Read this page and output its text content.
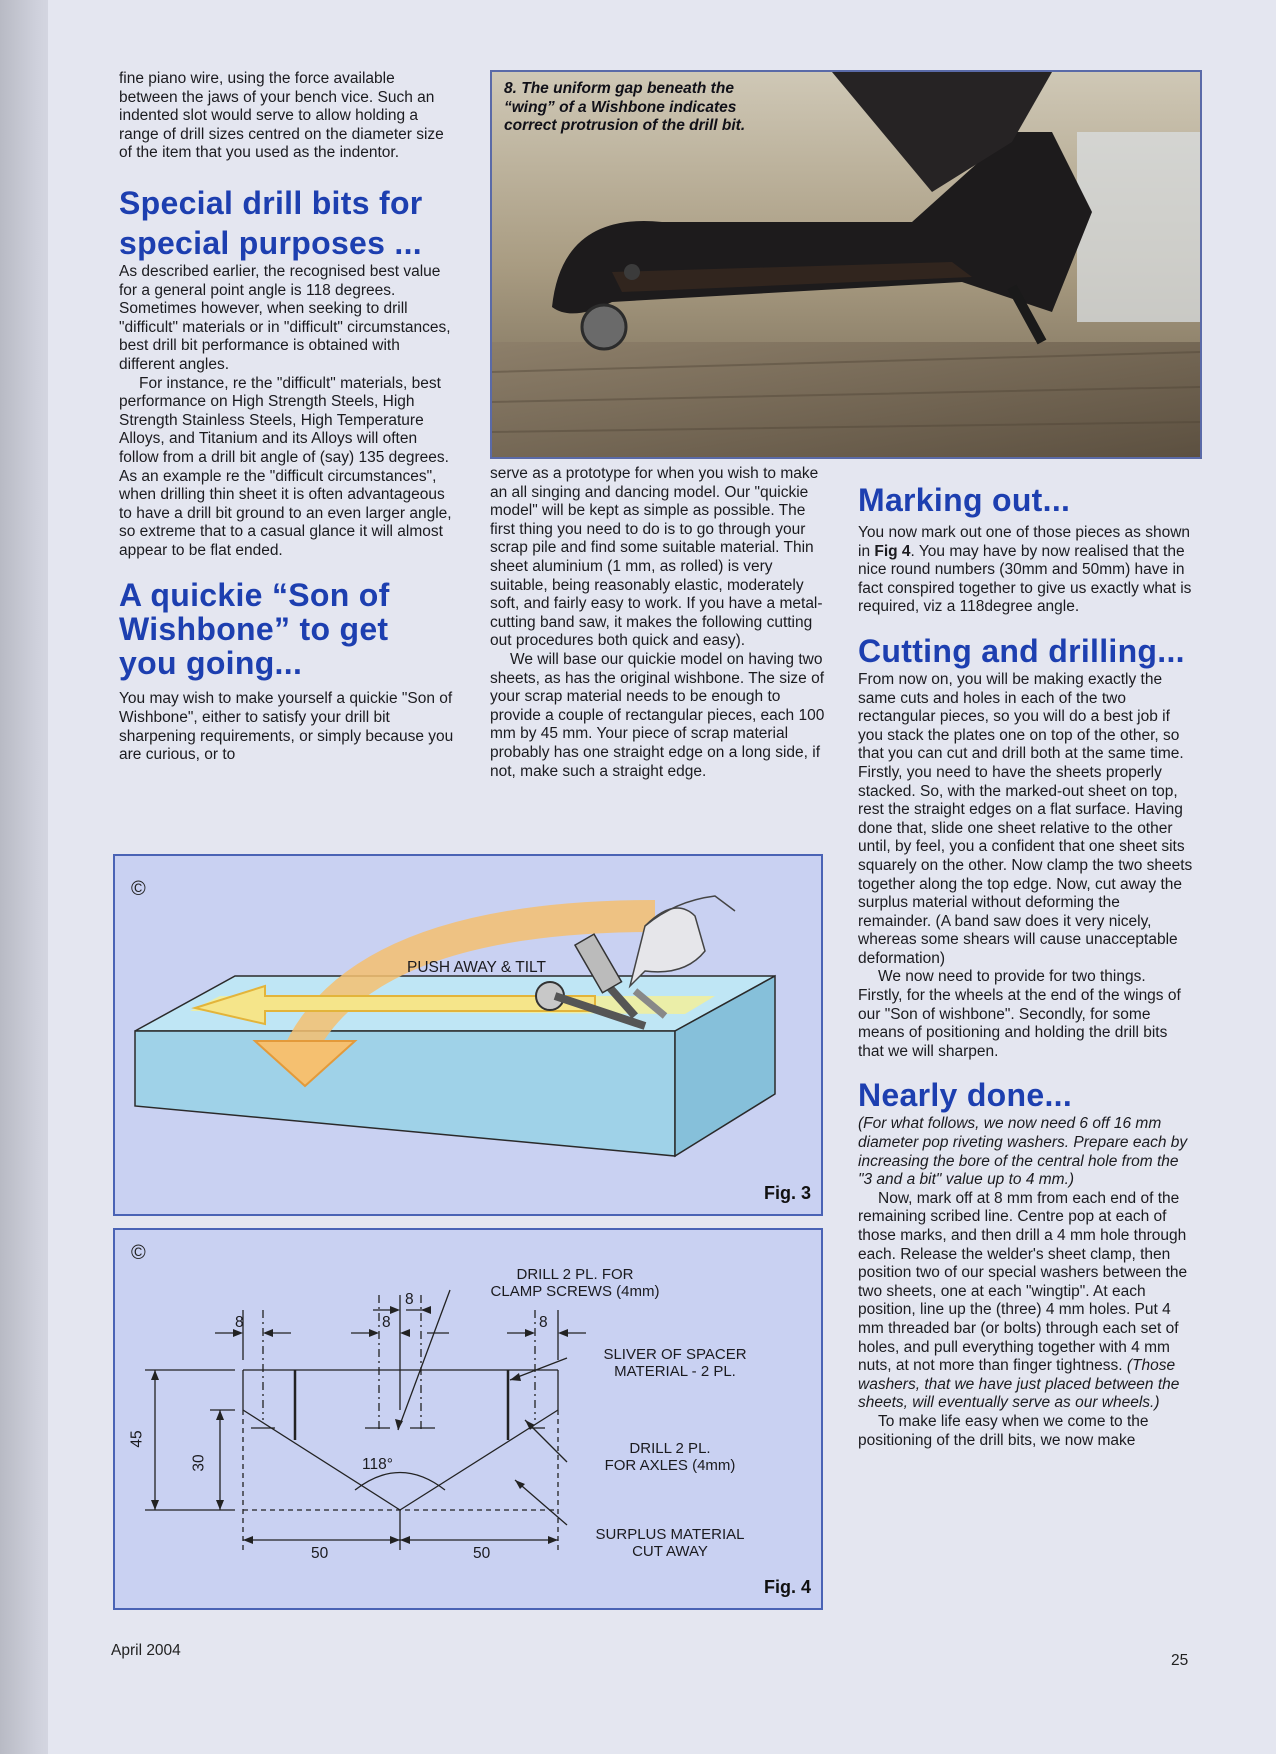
fine piano wire, using the force available between the jaws of your bench vice. Such an indented slot would serve to allow holding a range of drill sizes centred on the diameter size of the item that you used as the indentor.

Special drill bits for special purposes ...

As described earlier, the recognised best value for a general point angle is 118 degrees. Sometimes however, when seeking to drill "difficult" materials or in "difficult" circumstances, best drill bit performance is obtained with different angles.

For instance, re the "difficult" materials, best performance on High Strength Steels, High Strength Stainless Steels, High Temperature Alloys, and Titanium and its Alloys will often follow from a drill bit angle of (say) 135 degrees. As an example re the "difficult circumstances", when drilling thin sheet it is often advantageous to have a drill bit ground to an even larger angle, so extreme that to a casual glance it will almost appear to be flat ended.

A quickie “Son of Wishbone” to get you going...

You may wish to make yourself a quickie "Son of Wishbone", either to satisfy your drill bit sharpening requirements, or simply because you are curious, or to

8. The uniform gap beneath the “wing” of a Wishbone indicates correct protrusion of the drill bit.

serve as a prototype for when you wish to make an all singing and dancing model. Our "quickie model" will be kept as simple as possible. The first thing you need to do is to go through your scrap pile and find some suitable material. Thin sheet aluminium (1 mm, as rolled) is very suitable, being reasonably elastic, moderately soft, and fairly easy to work. If you have a metal-cutting band saw, it makes the following cutting out procedures both quick and easy).

We will base our quickie model on having two sheets, as has the original wishbone. The size of your scrap material needs to be enough to provide a couple of rectangular pieces, each 100 mm by 45 mm. Your piece of scrap material probably has one straight edge on a long side, if not, make such a straight edge.

Marking out...

You now mark out one of those pieces as shown in Fig 4. You may have by now realised that the nice round numbers (30mm and 50mm) have in fact conspired together to give us exactly what is required, viz a 118degree angle.

Cutting and drilling...

From now on, you will be making exactly the same cuts and holes in each of the two rectangular pieces, so you will do a best job if you stack the plates one on top of the other, so that you can cut and drill both at the same time. Firstly, you need to have the sheets properly stacked. So, with the marked-out sheet on top, rest the straight edges on a flat surface. Having done that, slide one sheet relative to the other until, by feel, you a confident that one sheet sits squarely on the other. Now clamp the two sheets together along the top edge. Now, cut away the surplus material without deforming the remainder. (A band saw does it very nicely, whereas some shears will cause unacceptable deformation)

We now need to provide for two things. Firstly, for the wheels at the end of the wings of our "Son of wishbone". Secondly, for some means of positioning and holding the drill bits that we will sharpen.

Nearly done...

(For what follows, we now need 6 off 16 mm diameter pop riveting washers. Prepare each by increasing the bore of the central hole from the "3 and a bit" value up to 4 mm.)

Now, mark off at 8 mm from each end of the remaining scribed line. Centre pop at each of those marks, and then drill a 4 mm hole through each. Release the welder's sheet clamp, then position two of our special washers between the two sheets, one at each "wingtip". At each position, line up the (three) 4 mm holes. Put 4 mm threaded bar (or bolts) through each set of holes, and pull everything together with 4 mm nuts, at not more than finger tightness. (Those washers, that we have just placed between the sheets, will eventually serve as our wheels.)

To make life easy when we come to the positioning of the drill bits, we now make

©
PUSH AWAY & TILT
Fig. 3
©
8	8
8
8
45
30	118°
50	50
DRILL 2 PL. FOR
CLAMP SCREWS (4mm)
SLIVER OF SPACER
MATERIAL - 2 PL.
DRILL 2 PL.
FOR AXLES (4mm)
SURPLUS MATERIAL
CUT AWAY
Fig. 4
April 2004
25
